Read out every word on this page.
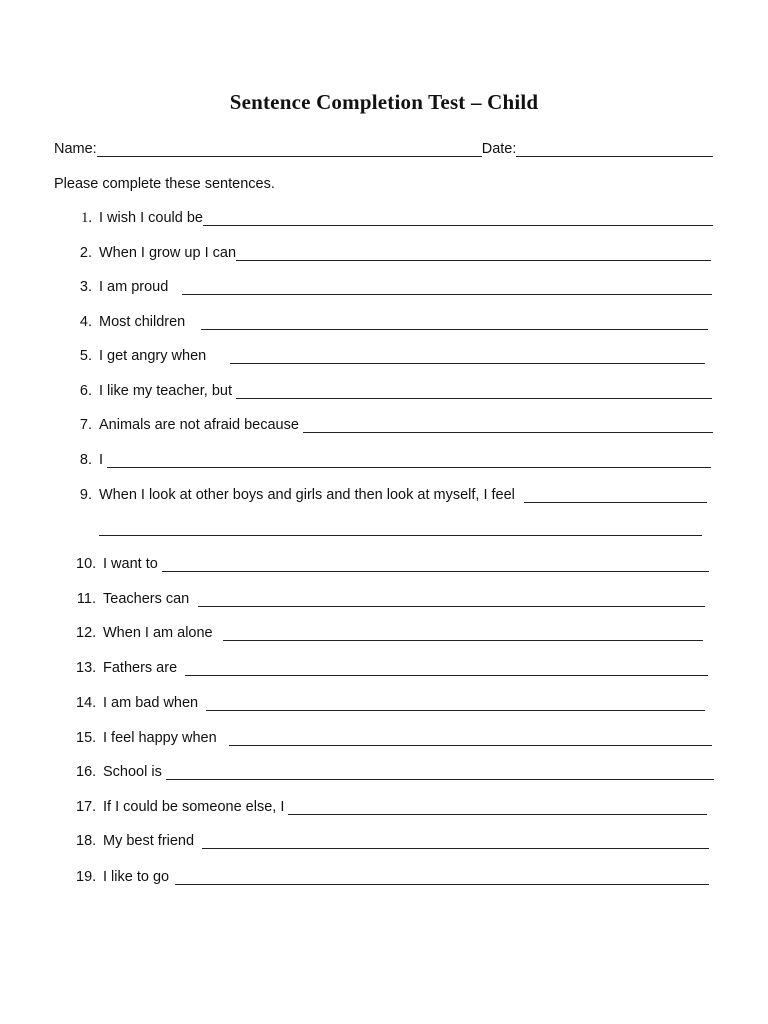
Sentence Completion Test – Child
Name:	Date:
Please complete these sentences.
1. I wish I could be
2. When I grow up I can
3. I am proud
4. Most children
5. I get angry when
6. I like my teacher, but
7. Animals are not afraid because
8. I
9. When I look at other boys and girls and then look at myself, I feel
10. I want to
11. Teachers can
12. When I am alone
13. Fathers are
14. I am bad when
15. I feel happy when
16. School is
17. If I could be someone else, I
18. My best friend
19. I like to go
